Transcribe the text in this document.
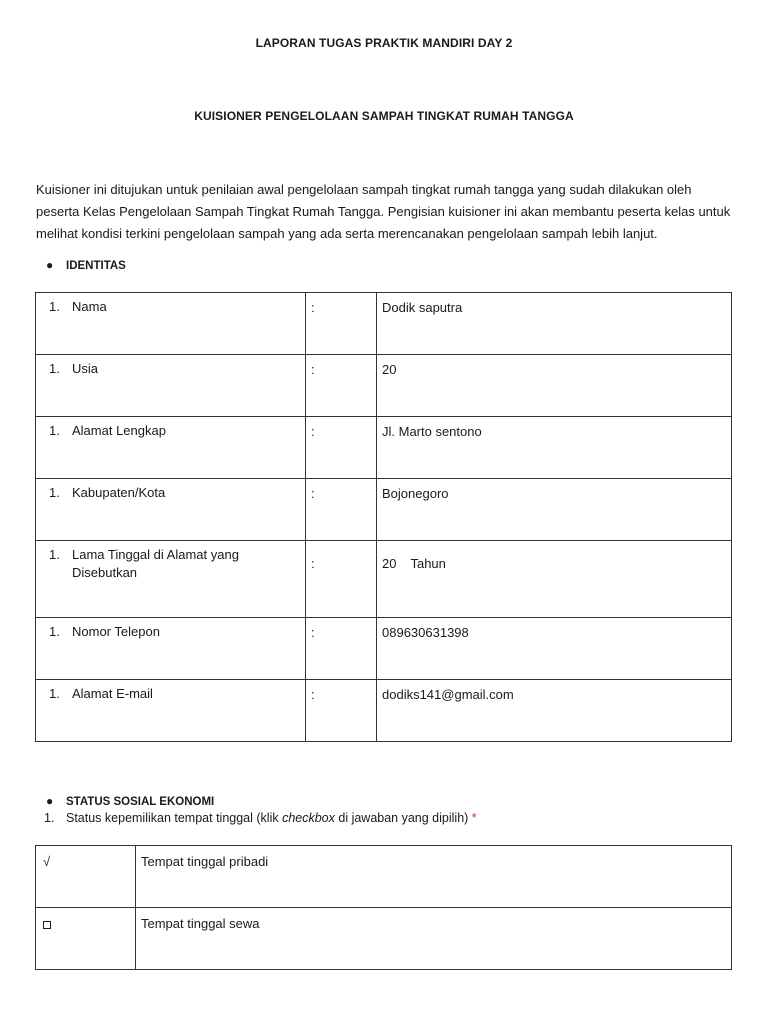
LAPORAN TUGAS PRAKTIK MANDIRI DAY 2
KUISIONER PENGELOLAAN SAMPAH TINGKAT RUMAH TANGGA
Kuisioner ini ditujukan untuk penilaian awal pengelolaan sampah tingkat rumah tangga yang sudah dilakukan oleh peserta Kelas Pengelolaan Sampah Tingkat Rumah Tangga. Pengisian kuisioner ini akan membantu peserta kelas untuk melihat kondisi terkini pengelolaan sampah yang ada serta merencanakan pengelolaan sampah lebih lanjut.
● IDENTITAS
1. Nama	:	Dodik saputra

1. Usia	:	20

1. Alamat Lengkap	:	Jl. Marto sentono

1. Kabupaten/Kota	:	Bojonegoro

1. Lama Tinggal di Alamat yang Disebutkan	:	20 Tahun

1. Nomor Telepon	:	089630631398

1. Alamat E-mail	:	dodiks141@gmail.com
● STATUS SOSIAL EKONOMI
1. Status kepemilikan tempat tinggal (klik checkbox di jawaban yang dipilih) *
√	Tempat tinggal pribadi
	Tempat tinggal sewa
